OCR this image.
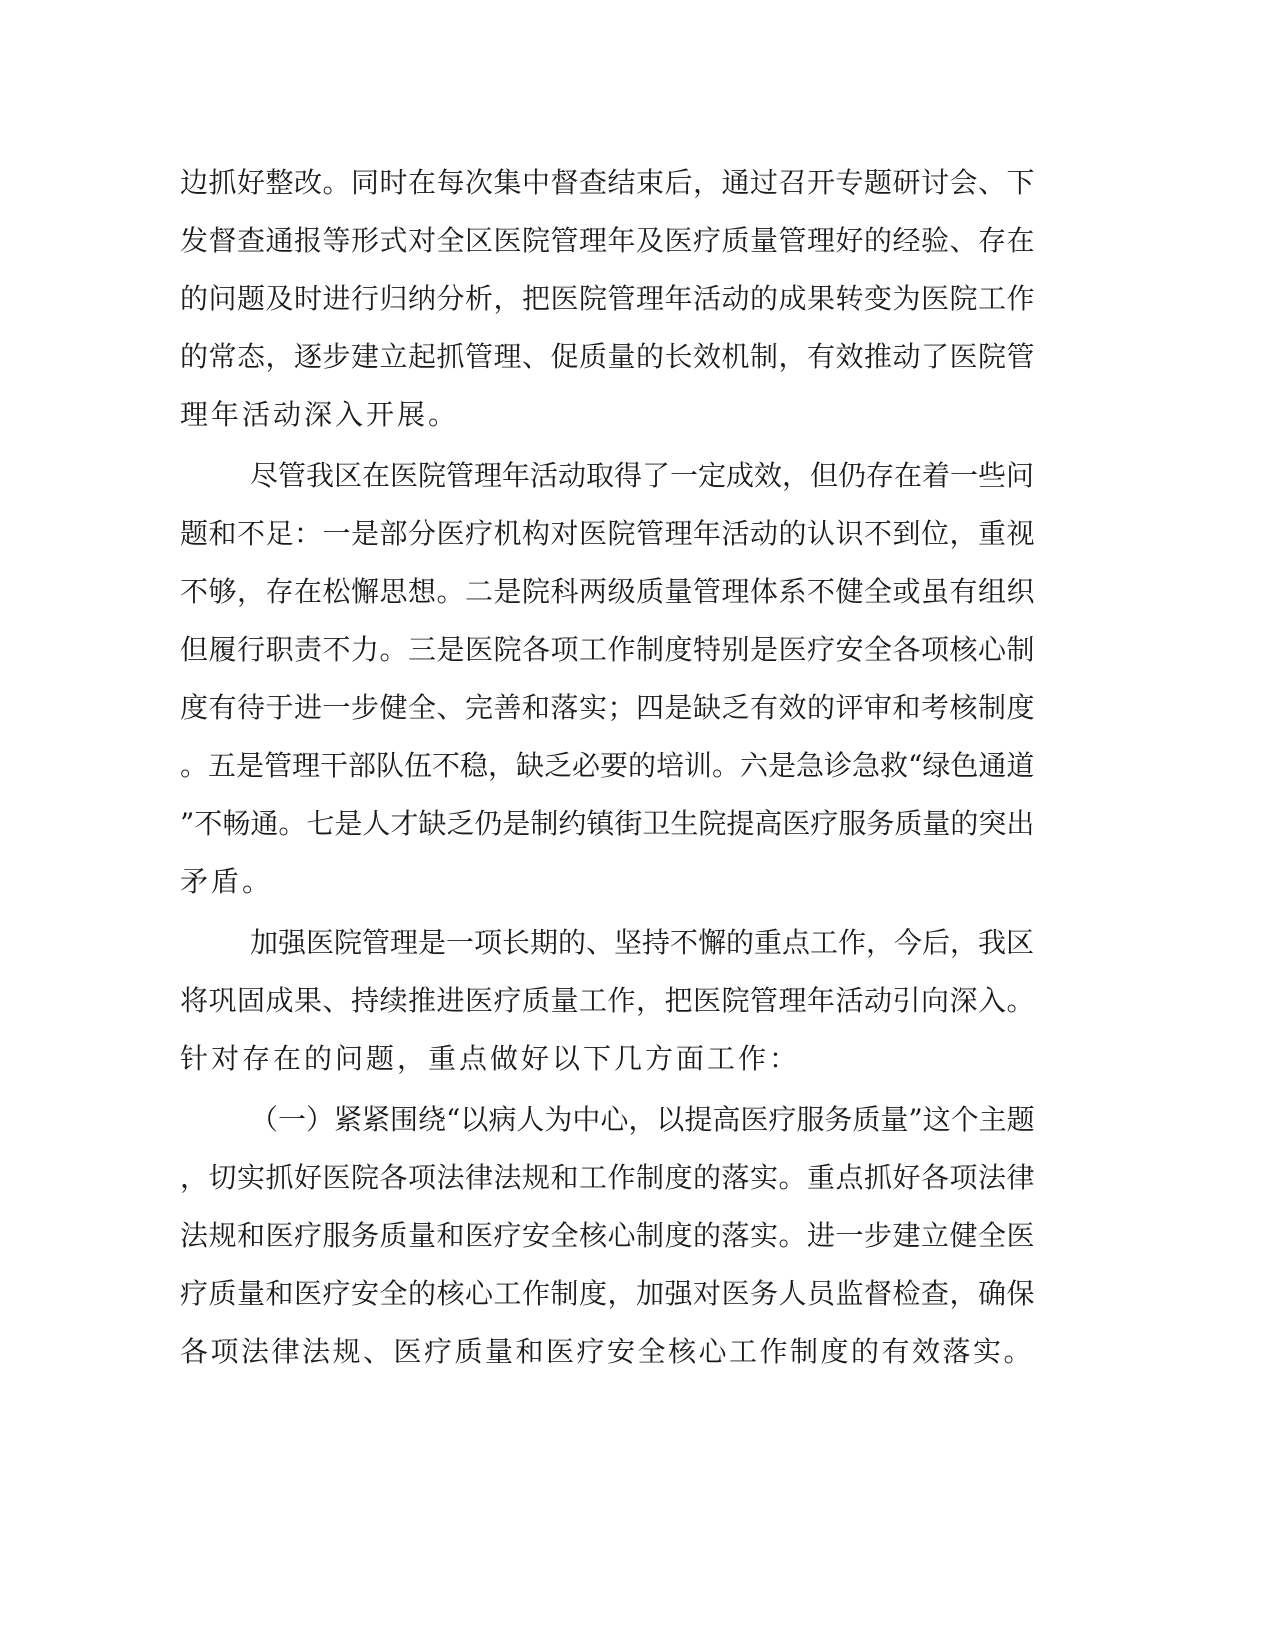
边抓好整改。同时在每次集中督查结束后，通过召开专题研讨会、下
发督查通报等形式对全区医院管理年及医疗质量管理好的经验、存在
的问题及时进行归纳分析，把医院管理年活动的成果转变为医院工作
的常态，逐步建立起抓管理、促质量的长效机制，有效推动了医院管
理年活动深入开展。
尽管我区在医院管理年活动取得了一定成效，但仍存在着一些问
题和不足：一是部分医疗机构对医院管理年活动的认识不到位，重视
不够，存在松懈思想。二是院科两级质量管理体系不健全或虽有组织
但履行职责不力。三是医院各项工作制度特别是医疗安全各项核心制
度有待于进一步健全、完善和落实；四是缺乏有效的评审和考核制度
。五是管理干部队伍不稳，缺乏必要的培训。六是急诊急救“绿色通道
”不畅通。七是人才缺乏仍是制约镇街卫生院提高医疗服务质量的突出
矛盾。
加强医院管理是一项长期的、坚持不懈的重点工作，今后，我区
将巩固成果、持续推进医疗质量工作，把医院管理年活动引向深入。
针对存在的问题，重点做好以下几方面工作：
（一）紧紧围绕“以病人为中心，以提高医疗服务质量”这个主题
，切实抓好医院各项法律法规和工作制度的落实。重点抓好各项法律
法规和医疗服务质量和医疗安全核心制度的落实。进一步建立健全医
疗质量和医疗安全的核心工作制度，加强对医务人员监督检查，确保
各项法律法规、医疗质量和医疗安全核心工作制度的有效落实。
